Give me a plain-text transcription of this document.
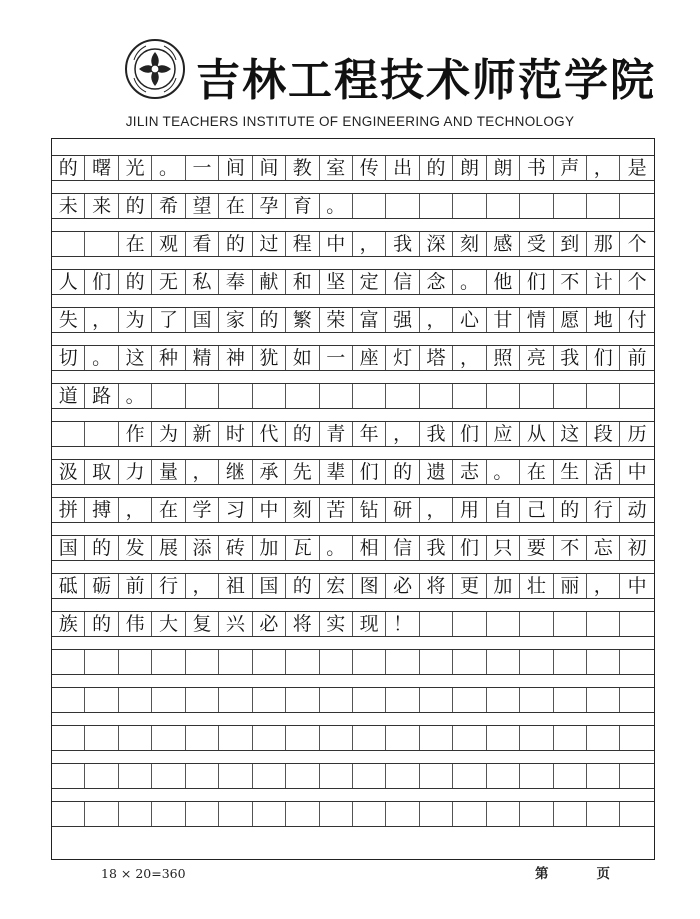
吉林工程技术师范学院
JILIN TEACHERS INSTITUTE OF ENGINEERING AND TECHNOLOGY
的 曙 光 。 一 间 间 教 室 传 出 的 朗 朗 书 声 ， 是
未 来 的 希 望 在 孕 育 。
在 观 看 的 过 程 中 ， 我 深 刻 感 受 到 那 个
人 们 的 无 私 奉 献 和 坚 定 信 念 。 他 们 不 计 个
失 ， 为 了 国 家 的 繁 荣 富 强 ， 心 甘 情 愿 地 付
切 。 这 种 精 神 犹 如 一 座 灯 塔 ， 照 亮 我 们 前
道 路 。
作 为 新 时 代 的 青 年 ， 我 们 应 从 这 段 历
汲 取 力 量 ， 继 承 先 辈 们 的 遗 志 。 在 生 活 中
拼 搏 ， 在 学 习 中 刻 苦 钻 研 ， 用 自 己 的 行 动
国 的 发 展 添 砖 加 瓦 。 相 信 我 们 只 要 不 忘 初
砥 砺 前 行 ， 祖 国 的 宏 图 必 将 更 加 壮 丽 ， 中
族 的 伟 大 复 兴 必 将 实 现 ！
18 × 20=360	第	页
